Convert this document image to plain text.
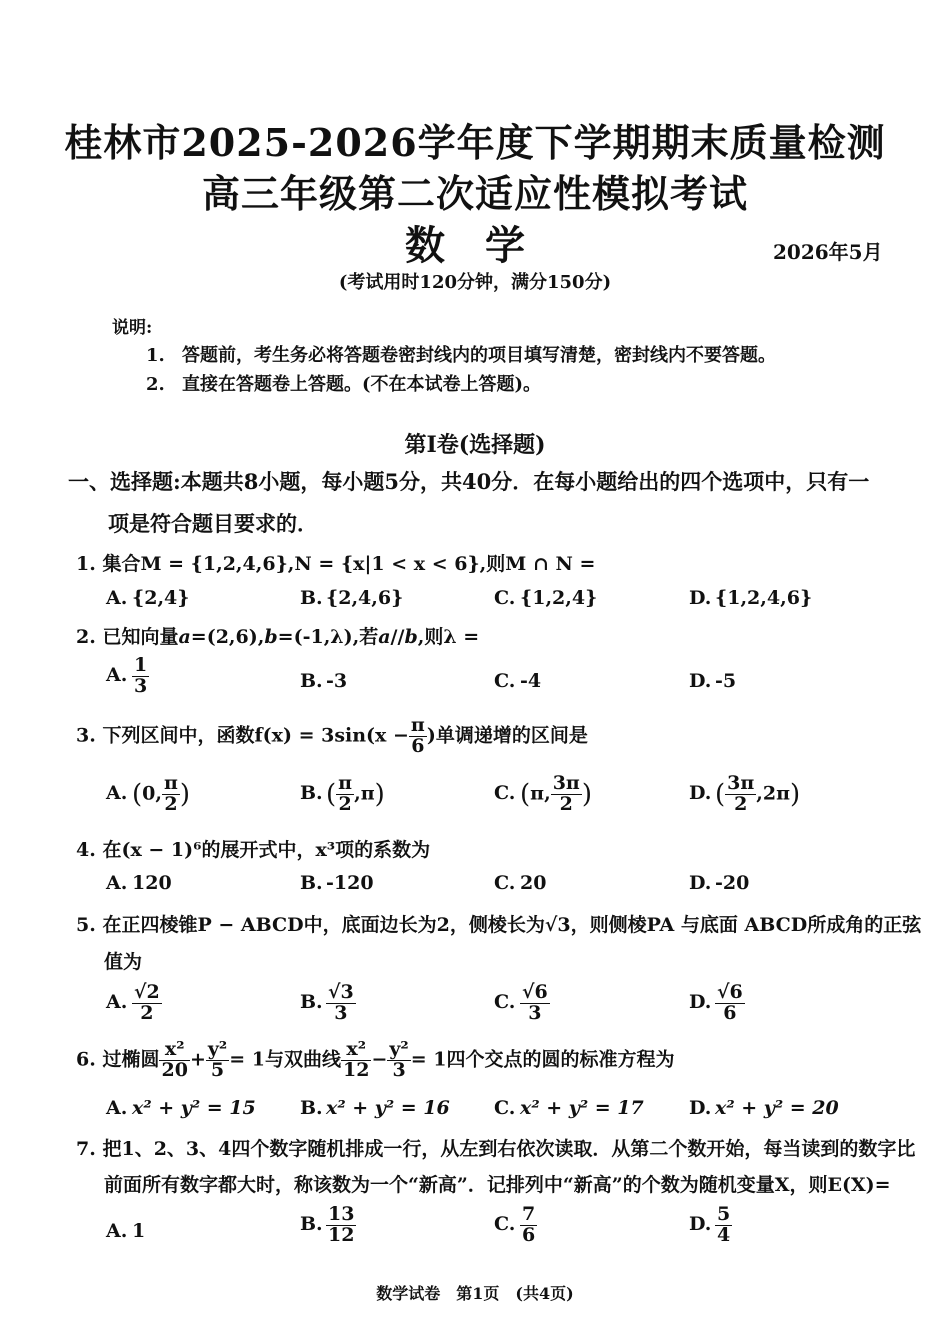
桂林市2025-2026学年度下学期期末质量检测
高三年级第二次适应性模拟考试
数学	2026年5月
(考试用时120分钟，满分150分)
说明:
1. 答题前，考生务必将答题卷密封线内的项目填写清楚，密封线内不要答题。
2. 直接在答题卷上答题。(不在本试卷上答题)。
第Ⅰ卷(选择题)
一、选择题:本题共8小题，每小题5分，共40分．在每小题给出的四个选项中，只有一
项是符合题目要求的．
1. 集合M = {1,2,4,6},N = {x|1 < x < 6},则M ∩ N =
A. {2,4}	B. {2,4,6}	C. {1,2,4}	D. {1,2,4,6}
2. 已知向量a=(2,6),b=(-1,λ),若a//b,则λ =
A. $\frac{1}{3}$	B. -3	C. -4	D. -5
3. 下列区间中，函数$f(x) = 3\sin(x - \frac{\pi}{6}$ )单调递增的区间是
A. (0, $\frac{\pi}{2}$ )	B. ( $\frac{\pi}{2} ,\pi$)	C. (π, $\frac{3\pi}{2}$ )	D. ( $\frac{3\pi}{2} ,2\pi$)
4. 在(x − 1)⁶的展开式中，x³项的系数为
A. 120	B. -120	C. 20	D. -20
5. 在正四棱锥P − ABCD中，底面边长为2，侧棱长为√3，则侧棱PA 与底面 ABCD所成角的正弦
值为
A. $\frac{√2}{2}$	B. $\frac{√3}{3}$	C. $\frac{√6}{3}$	D. $\frac{√6}{6}$
6. 过椭圆 $\frac{\text{x²}}{20} + \frac{\text{y²}}{5} = 1$与双曲线 $\frac{\text{x²}}{12} - \frac{\text{y²}}{3} = 1$四个交点的圆的标准方程为
A. x² + y² = 15 B. x² + y² = 16 C. x² + y² = 17 D. x² + y² = 20
7. 把1、2、3、4四个数字随机排成一行，从左到右依次读取．从第二个数开始，每当读到的数字比
前面所有数字都大时，称该数为一个“新高”．记排列中“新高”的个数为随机变量X，则E(X)=
A. 1	B. $\frac{13}{12}$	C. $\frac{7}{6}$	D. $\frac{5}{4}$
数学试卷　第1页　(共4页)
